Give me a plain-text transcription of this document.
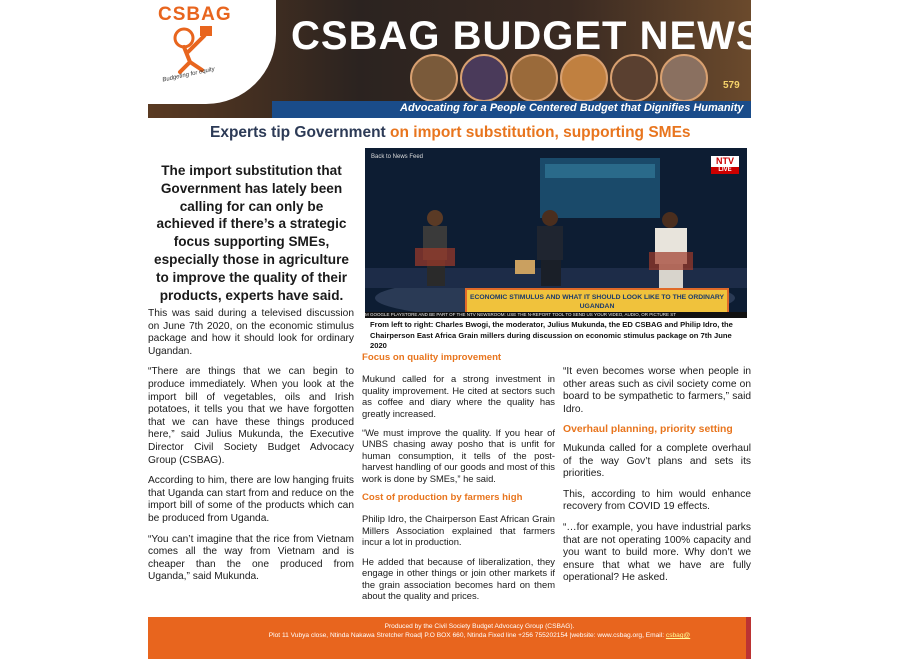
CSBAG
Budgeting for equity
CSBAG BUDGET NEWS
579
Advocating for a People Centered Budget that Dignifies Humanity
Experts tip Government on import substitution, supporting SMEs
The import substitution that Government has lately been calling for can only be achieved if there’s a strategic focus supporting SMEs, especially those in agriculture to improve the quality of their products, experts have said.
Back to News Feed	NTV
LIVE
ECONOMIC STIMULUS AND WHAT IT SHOULD LOOK LIKE TO THE ORDINARY UGANDAN
M GOOGLE PLAYSTORE AND BE PART OF THE NTV NEWSROOM: USE THE N-REPORT TOOL TO SEND US YOUR VIDEO, AUDIO, OR PICTURE ST
From left to right: Charles Bwogi, the moderator, Julius Mukunda, the ED CSBAG and Philip Idro, the Chairperson East Africa Grain millers during discussion on economic stimulus package on 7th June 2020

This was said during a televised discussion on June 7th 2020, on the economic stimulus package and how it should look for ordinary Ugandan.

“There are things that we can begin to produce immediately. When you look at the import bill of vegetables, oils and Irish potatoes, it tells you that we have forgotten that we can have these things produced here,” said Julius Mukunda, the Executive Director Civil Society Budget Advocacy Group (CSBAG).

According to him, there are low hanging fruits that Uganda can start from and reduce on the import bill of some of the products which can be produced from Uganda.

“You can’t imagine that the rice from Vietnam comes all the way from Vietnam and is cheaper than the one produced from Uganda,” said Mukunda.

Focus on quality improvement

Mukund called for a strong investment in quality improvement. He cited at sectors such as coffee and diary where the quality has greatly increased.

“We must improve the quality. If you hear of UNBS chasing away posho that is unfit for human consumption, it tells of the post-harvest handling of our goods and most of this work is done by SMEs,” he said.

Cost of production by farmers high

Philip Idro, the Chairperson East African Grain Millers Association explained that farmers incur a lot in production.

He added that because of liberalization, they engage in other things or join other markets if the grain association becomes hard on them about the quality and prices.

“It even becomes worse when people in other areas such as civil society come on board to be sympathetic to farmers,” said Idro.

Overhaul planning, priority setting

Mukunda called for a complete overhaul of the way Gov’t plans and sets its priorities.

This, according to him would enhance recovery from COVID 19 effects.

“…for example, you have industrial parks that are not operating 100% capacity and you want to build more. Why don’t we ensure that what we have are fully operational? He asked.

Produced by the Civil Society Budget Advocacy Group (CSBAG).
Plot 11 Vubya close, Ntinda Nakawa Stretcher Road| P.O BOX 660, Ntinda Fixed line +256 755202154 |website: www.csbag.org, Email: csbag@
